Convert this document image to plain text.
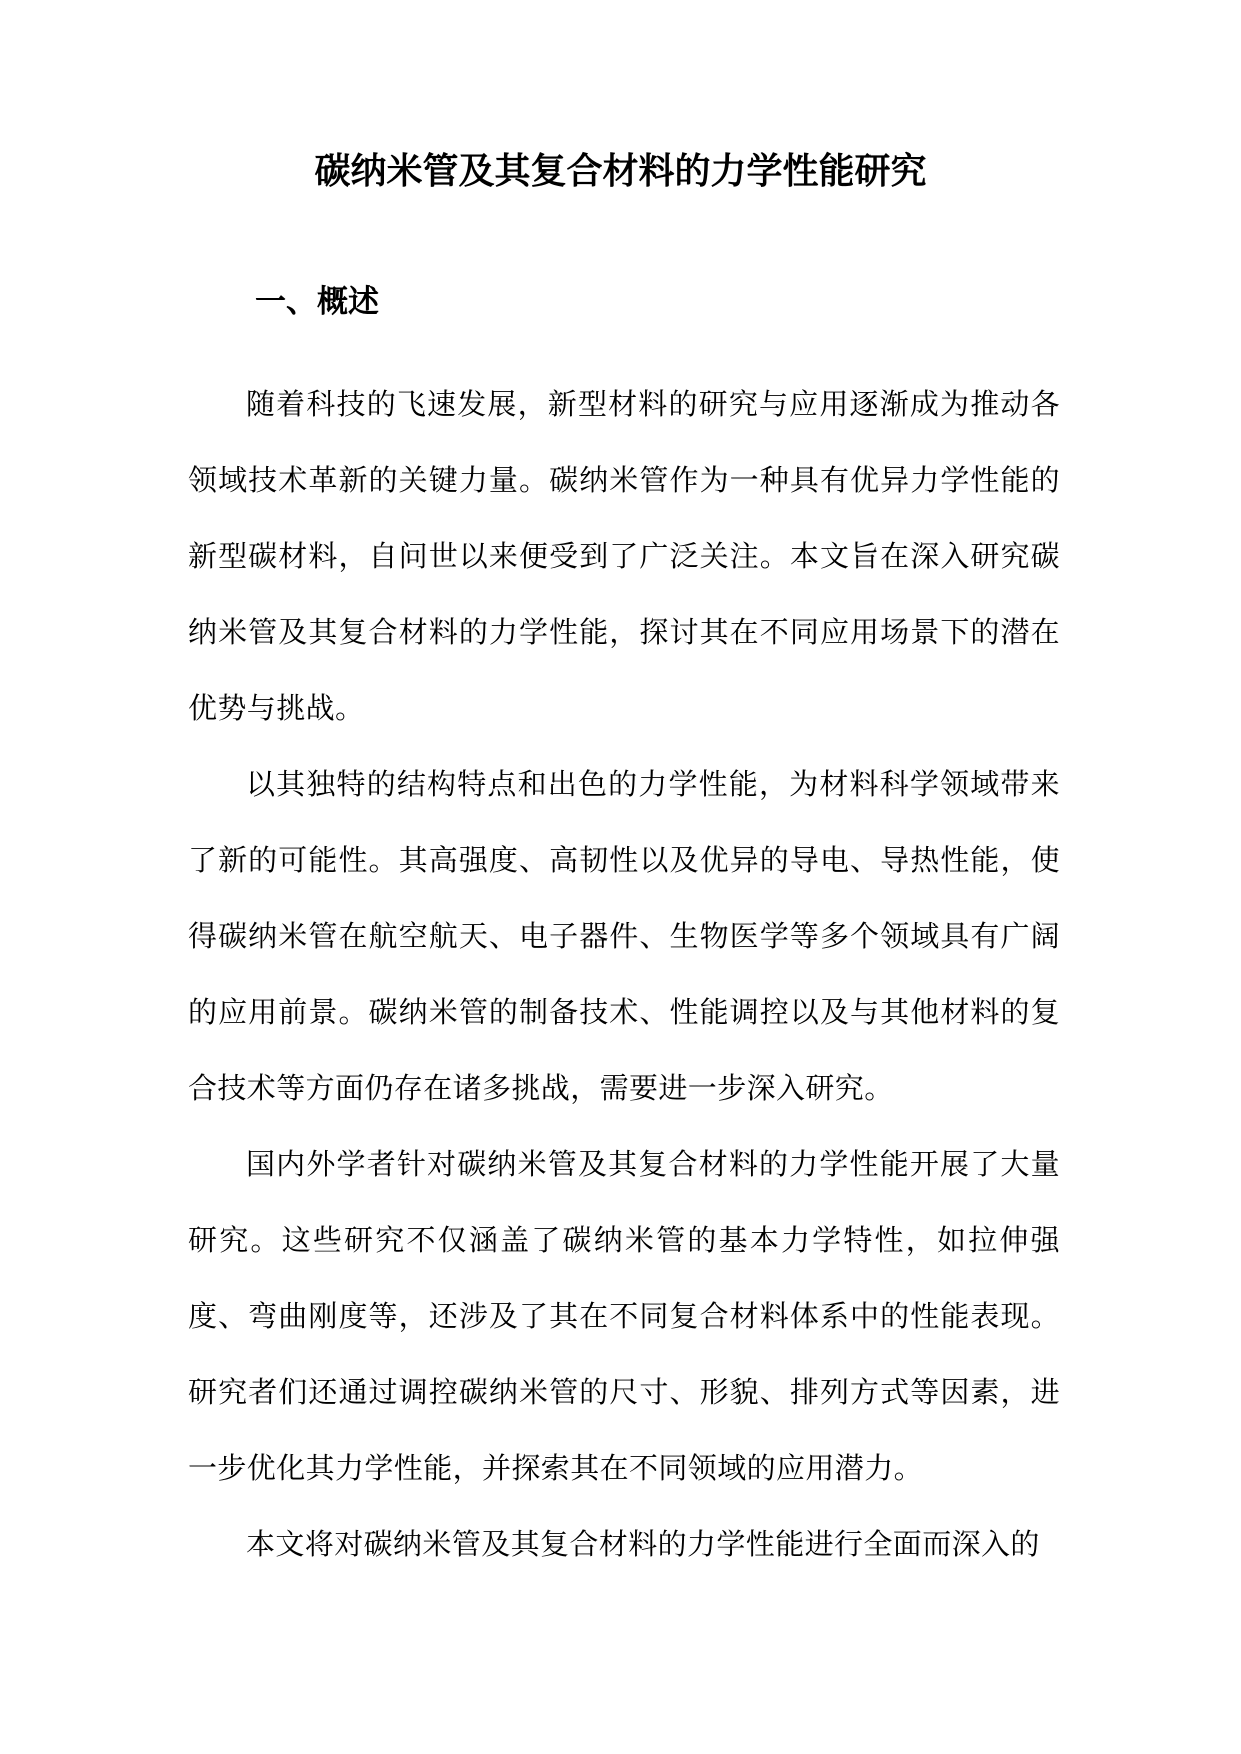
碳纳米管及其复合材料的力学性能研究
一、概述

随着科技的飞速发展，新型材料的研究与应用逐渐成为推动各领域技术革新的关键力量。碳纳米管作为一种具有优异力学性能的新型碳材料，自问世以来便受到了广泛关注。本文旨在深入研究碳纳米管及其复合材料的力学性能，探讨其在不同应用场景下的潜在优势与挑战。

以其独特的结构特点和出色的力学性能，为材料科学领域带来了新的可能性。其高强度、高韧性以及优异的导电、导热性能，使得碳纳米管在航空航天、电子器件、生物医学等多个领域具有广阔的应用前景。碳纳米管的制备技术、性能调控以及与其他材料的复合技术等方面仍存在诸多挑战，需要进一步深入研究。

国内外学者针对碳纳米管及其复合材料的力学性能开展了大量研究。这些研究不仅涵盖了碳纳米管的基本力学特性，如拉伸强度、弯曲刚度等，还涉及了其在不同复合材料体系中的性能表现。研究者们还通过调控碳纳米管的尺寸、形貌、排列方式等因素，进一步优化其力学性能，并探索其在不同领域的应用潜力。

本文将对碳纳米管及其复合材料的力学性能进行全面而深入的
